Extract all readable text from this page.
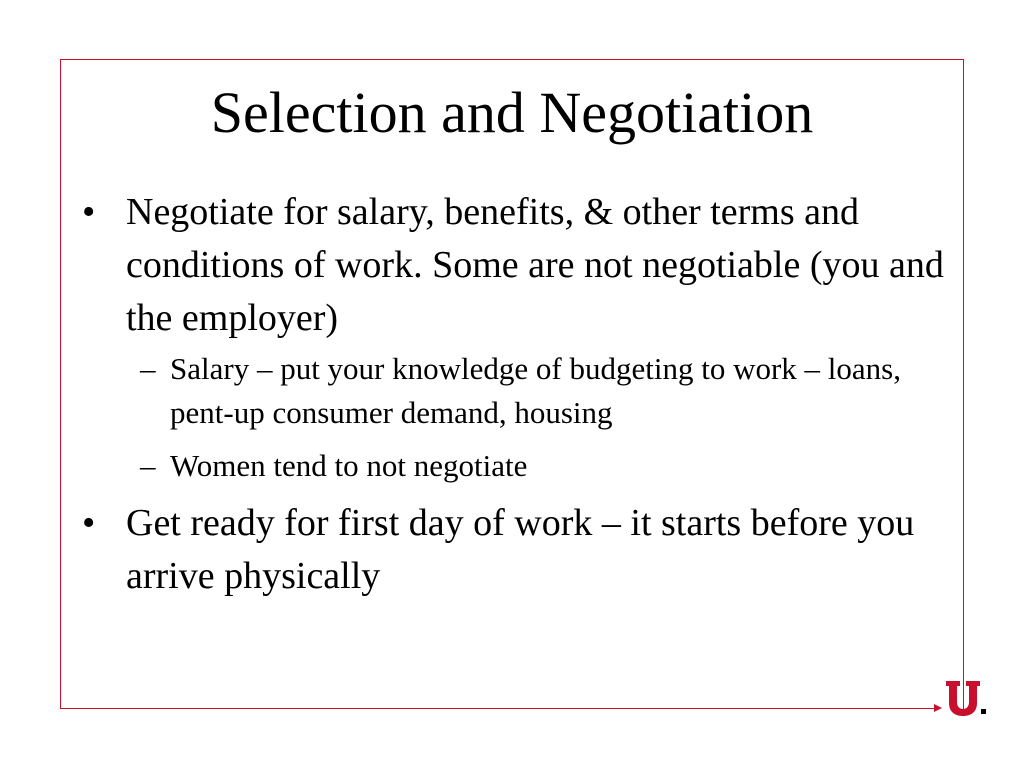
Selection and Negotiation
• Negotiate for salary, benefits, & other terms and conditions of work. Some are not negotiable (you and the employer)
– Salary – put your knowledge of budgeting to work – loans, pent-up consumer demand, housing
– Women tend to not negotiate
• Get ready for first day of work – it starts before you arrive physically
